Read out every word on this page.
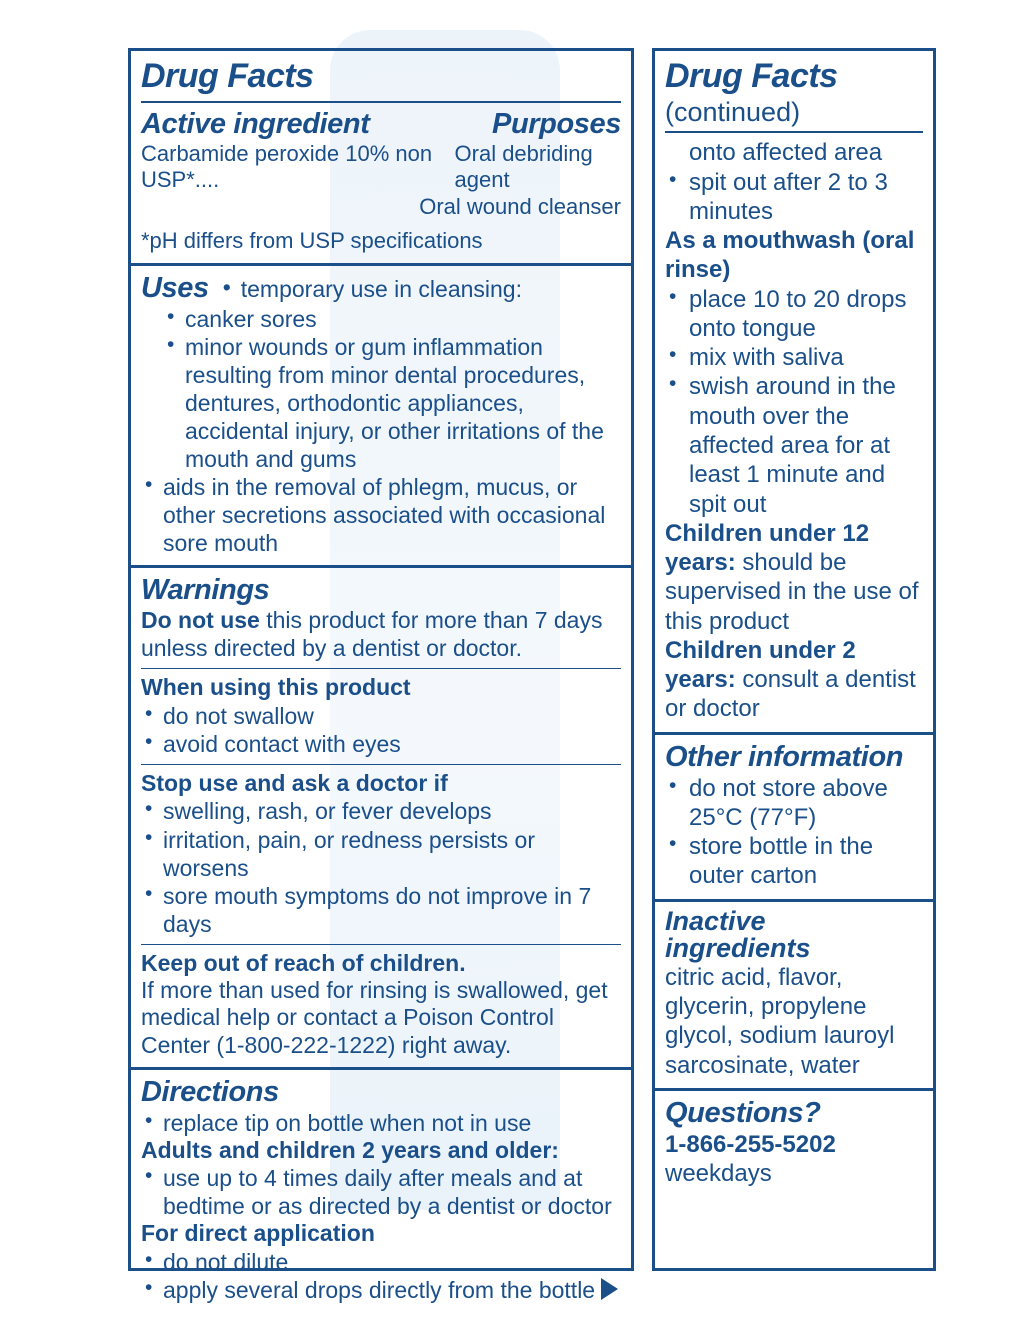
Drug Facts
Active ingredient	Purposes
Carbamide peroxide 10% non USP*....
Oral debriding agent

Oral wound cleanser

*pH differs from USP specifications

Uses	• temporary use in cleansing:
• canker sores
• minor wounds or gum inflammation resulting from minor dental procedures, dentures, orthodontic appliances, accidental injury, or other irritations of the mouth and gums
• aids in the removal of phlegm, mucus, or other secretions associated with occasional sore mouth
Warnings

Do not use this product for more than 7 days unless directed by a dentist or doctor.

When using this product

• do not swallow
• avoid contact with eyes

Stop use and ask a doctor if

• swelling, rash, or fever develops
• irritation, pain, or redness persists or worsens
• sore mouth symptoms do not improve in 7 days

Keep out of reach of children.

If more than used for rinsing is swallowed, get medical help or contact a Poison Control Center (1-800-222-1222) right away.

Directions
• replace tip on bottle when not in use

Adults and children 2 years and older:

• use up to 4 times daily after meals and at bedtime or as directed by a dentist or doctor

For direct application

• do not dilute
• apply several drops directly from the bottle
Drug Facts

(continued)

onto affected area

• spit out after 2 to 3 minutes

As a mouthwash (oral rinse)

• place 10 to 20 drops onto tongue
• mix with saliva
• swish around in the mouth over the affected area for at least 1 minute and spit out

Children under 12 years: should be supervised in the use of this product

Children under 2 years: consult a dentist or doctor

Other information
• do not store above 25°C (77°F)
• store bottle in the outer carton
Inactive
ingredients

citric acid, flavor, glycerin, propylene glycol, sodium lauroyl sarcosinate, water

Questions?

1-866-255-5202

weekdays
